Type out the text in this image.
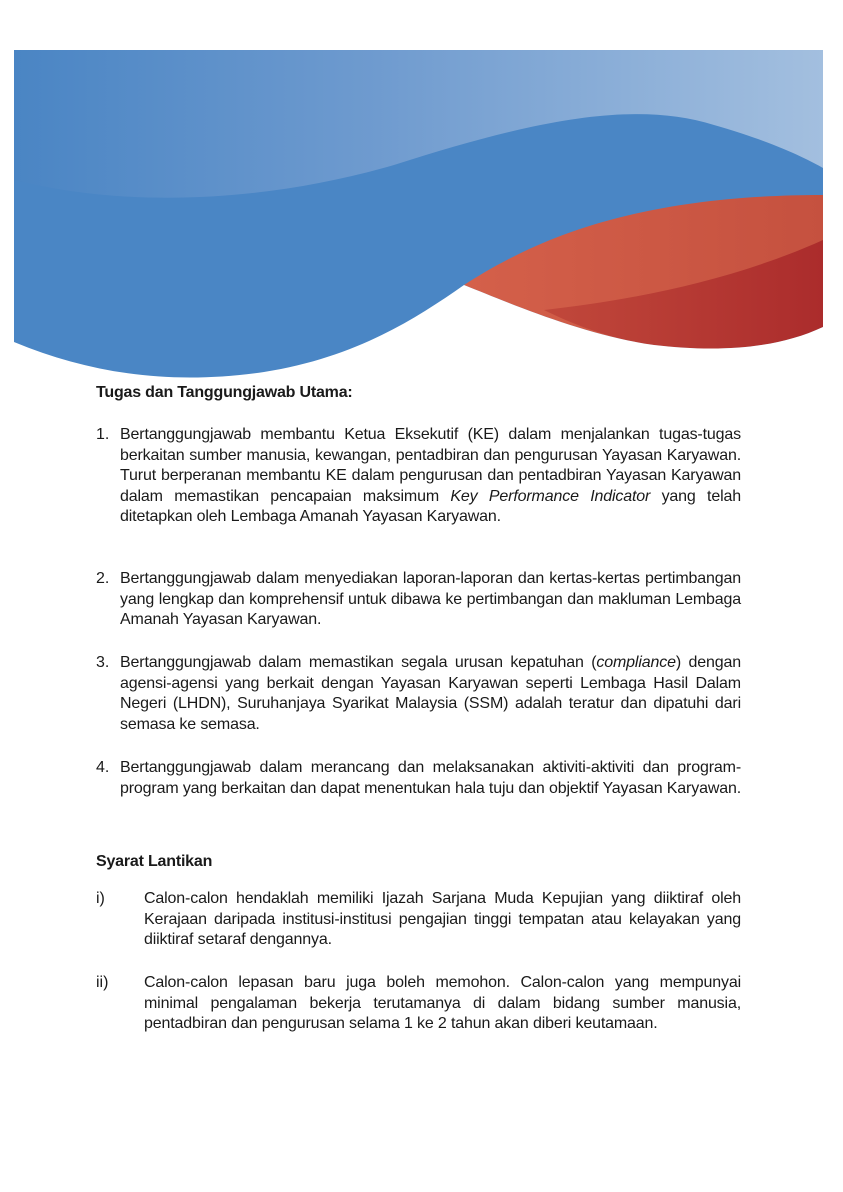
Tugas dan Tanggungjawab Utama:
1. Bertanggungjawab membantu Ketua Eksekutif (KE) dalam menjalankan tugas-tugas berkaitan sumber manusia, kewangan, pentadbiran dan pengurusan Yayasan Karyawan. Turut berperanan membantu KE dalam pengurusan dan pentadbiran Yayasan Karyawan dalam memastikan pencapaian maksimum Key Performance Indicator yang telah ditetapkan oleh Lembaga Amanah Yayasan Karyawan.
2. Bertanggungjawab dalam menyediakan laporan-laporan dan kertas-kertas pertimbangan yang lengkap dan komprehensif untuk dibawa ke pertimbangan dan makluman Lembaga Amanah Yayasan Karyawan.
3. Bertanggungjawab dalam memastikan segala urusan kepatuhan (compliance) dengan agensi-agensi yang berkait dengan Yayasan Karyawan seperti Lembaga Hasil Dalam Negeri (LHDN), Suruhanjaya Syarikat Malaysia (SSM) adalah teratur dan dipatuhi dari semasa ke semasa.
4. Bertanggungjawab dalam merancang dan melaksanakan aktiviti-aktiviti dan program-program yang berkaitan dan dapat menentukan hala tuju dan objektif Yayasan Karyawan.
Syarat Lantikan
i)	Calon-calon hendaklah memiliki Ijazah Sarjana Muda Kepujian yang diiktiraf oleh Kerajaan daripada institusi-institusi pengajian tinggi tempatan atau kelayakan yang diiktiraf setaraf dengannya.
ii)	Calon-calon lepasan baru juga boleh memohon. Calon-calon yang mempunyai minimal pengalaman bekerja terutamanya di dalam bidang sumber manusia, pentadbiran dan pengurusan selama 1 ke 2 tahun akan diberi keutamaan.
